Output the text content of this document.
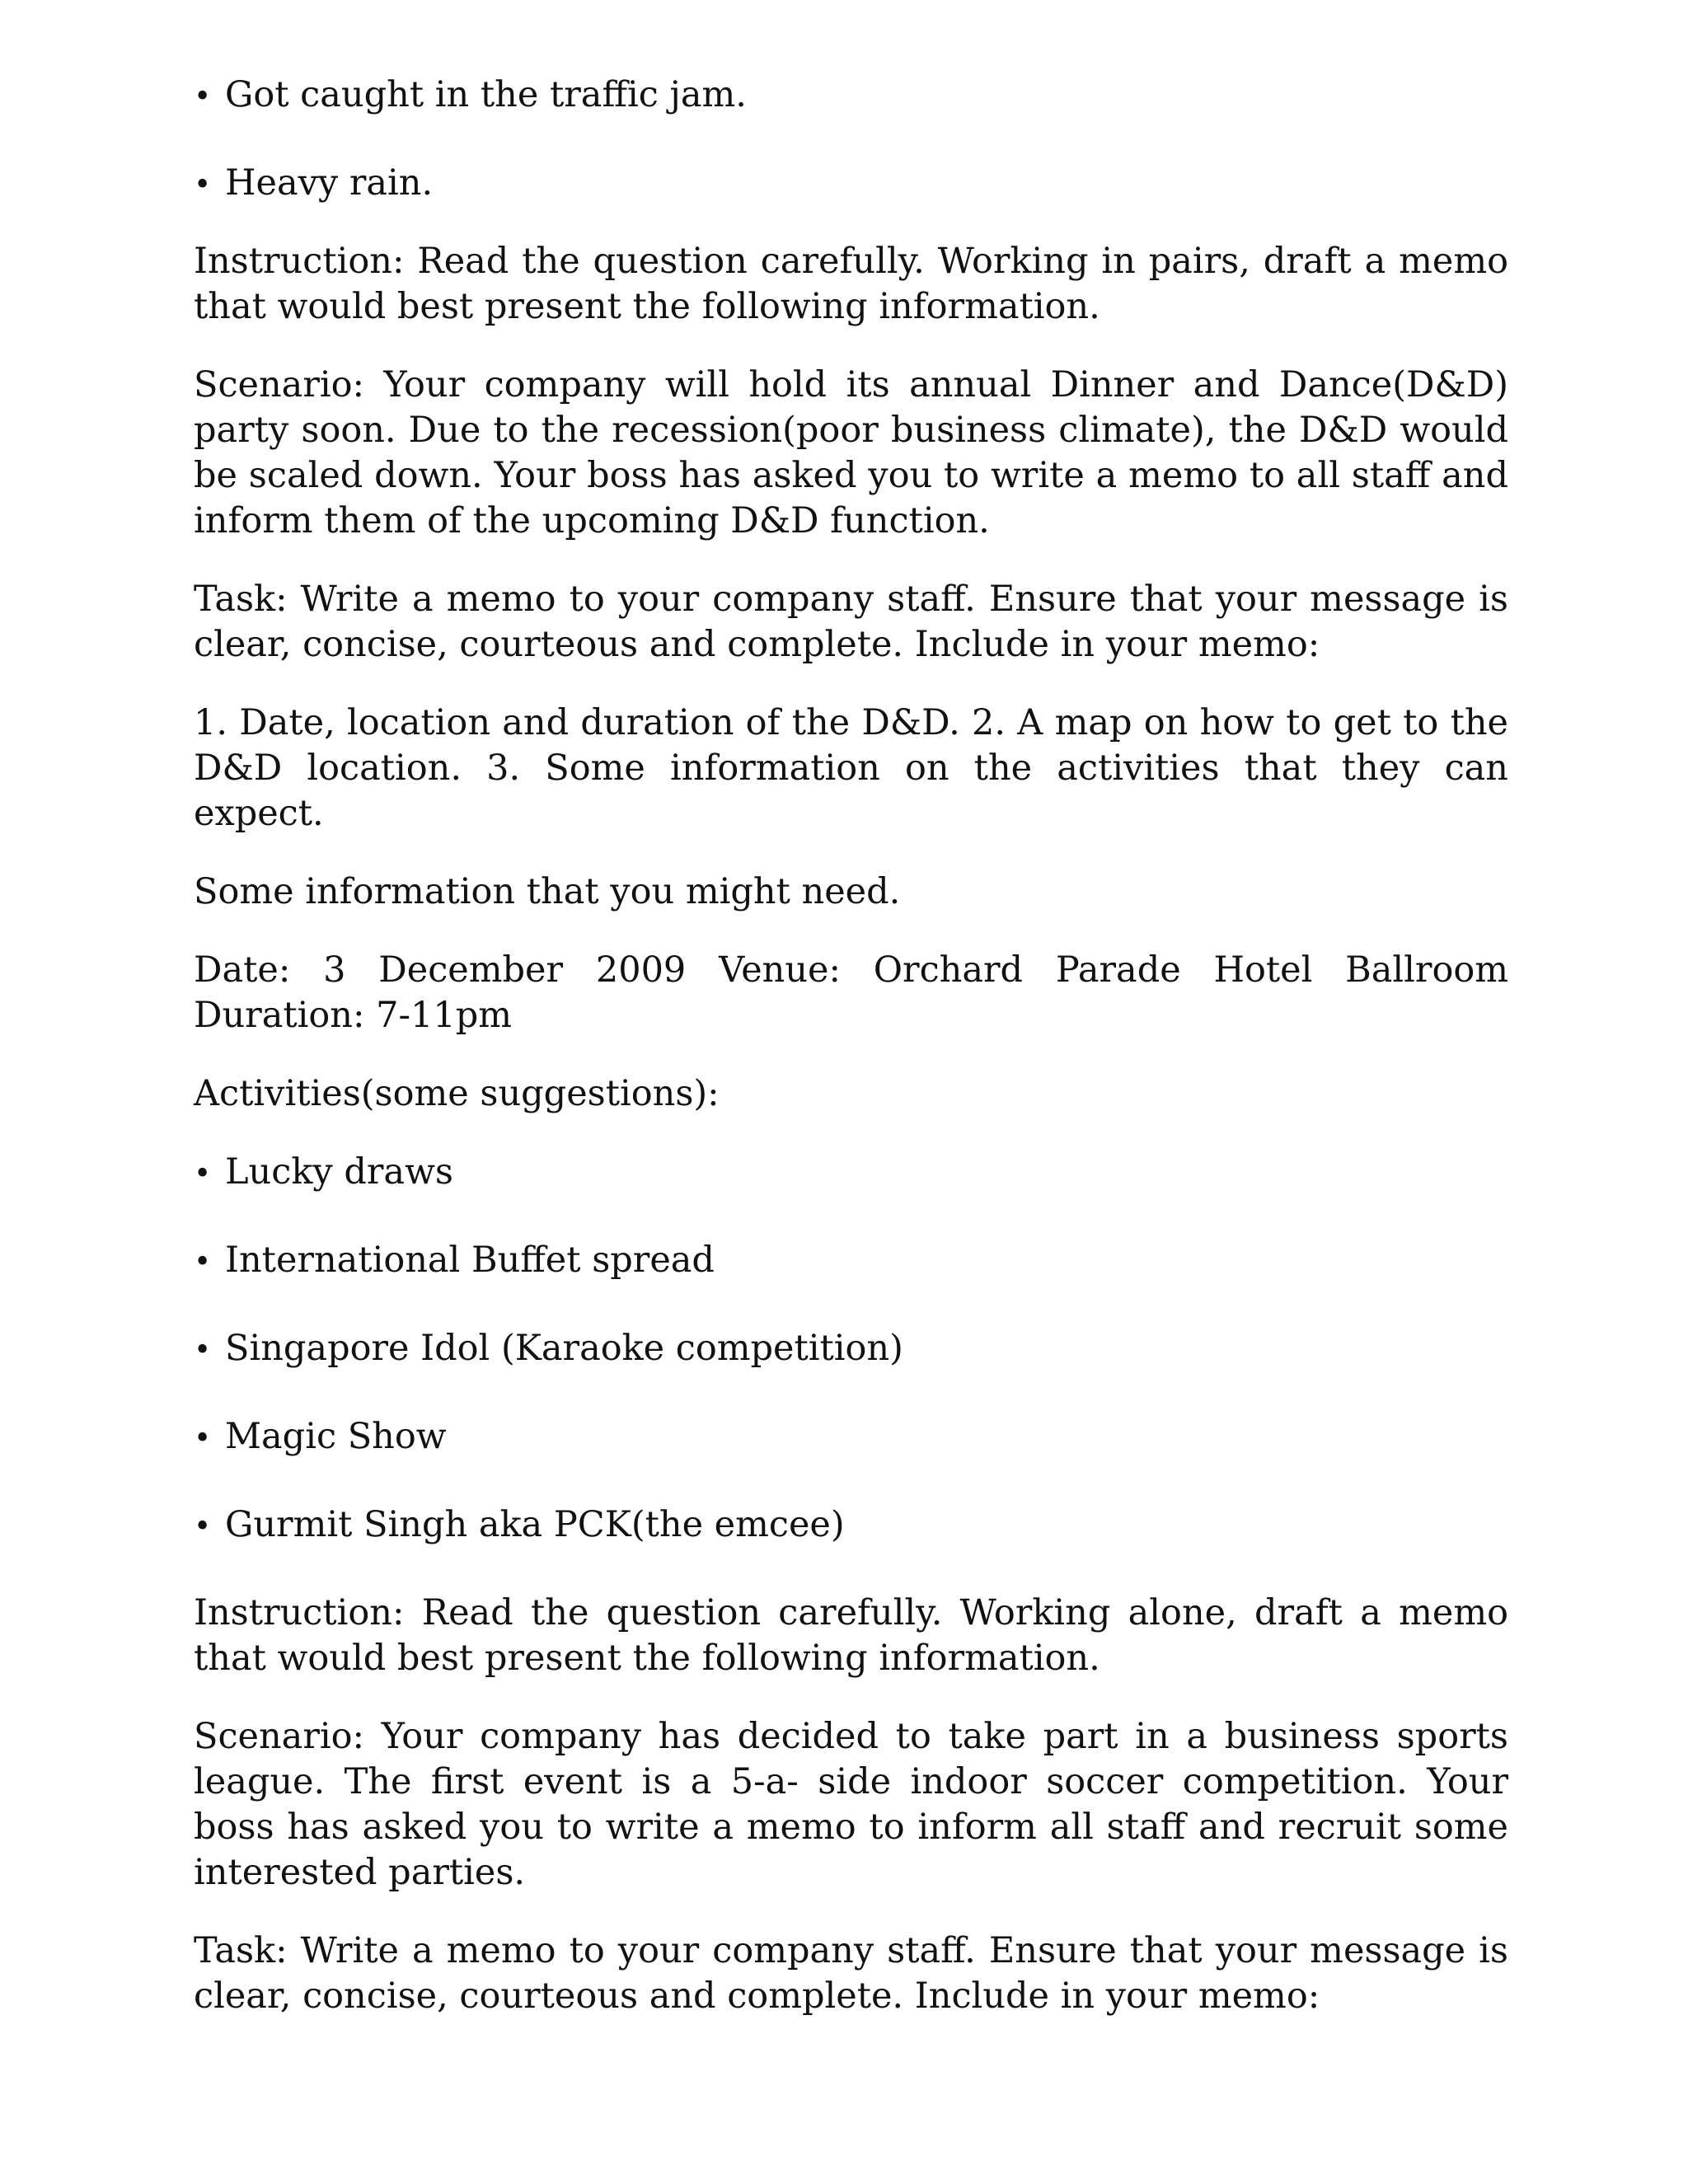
• Got caught in the traffic jam.
• Heavy rain.

Instruction: Read the question carefully. Working in pairs, draft a memo that would best present the following information.

Scenario: Your company will hold its annual Dinner and Dance(D&D) party soon. Due to the recession(poor business climate), the D&D would be scaled down. Your boss has asked you to write a memo to all staff and inform them of the upcoming D&D function.

Task: Write a memo to your company staff. Ensure that your message is clear, concise, courteous and complete. Include in your memo:

1. Date, location and duration of the D&D. 2. A map on how to get to the D&D location. 3. Some information on the activities that they can expect.

Some information that you might need.

Date: 3 December 2009 Venue: Orchard Parade Hotel Ballroom Duration: 7-11pm

Activities(some suggestions):

• Lucky draws
• International Buffet spread
• Singapore Idol (Karaoke competition)
• Magic Show
• Gurmit Singh aka PCK(the emcee)

Instruction: Read the question carefully. Working alone, draft a memo that would best present the following information.

Scenario: Your company has decided to take part in a business sports league. The first event is a 5-a- side indoor soccer competition. Your boss has asked you to write a memo to inform all staff and recruit some interested parties.

Task: Write a memo to your company staff. Ensure that your message is clear, concise, courteous and complete. Include in your memo:
